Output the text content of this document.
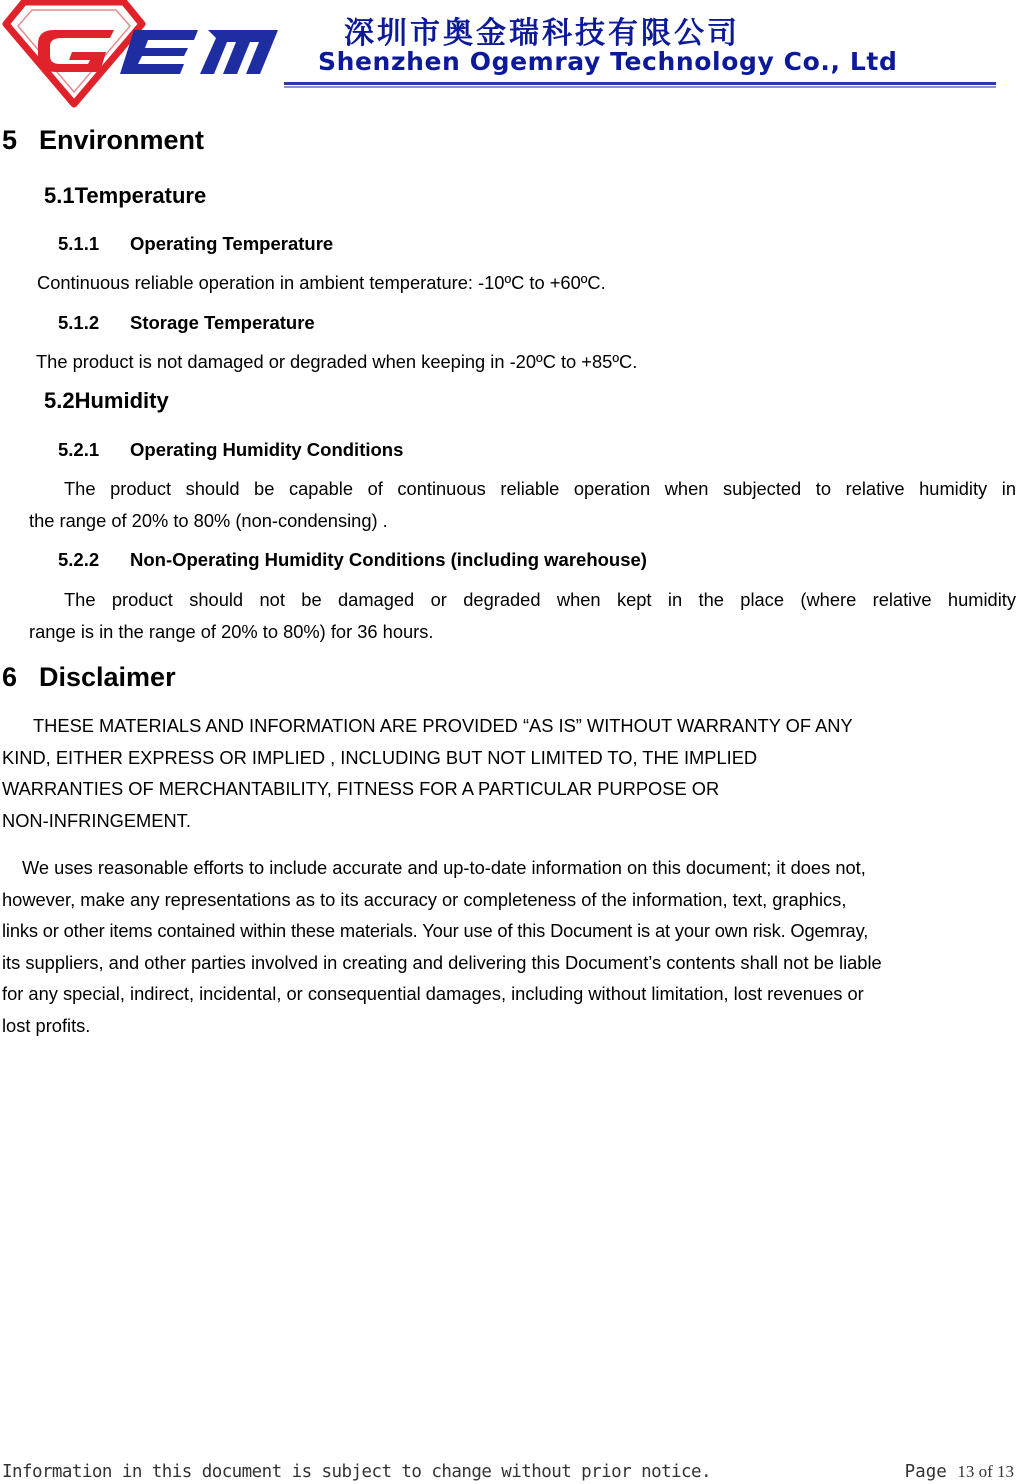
深圳市奥金瑞科技有限公司
Shenzhen Ogemray Technology Co., Ltd
5 Environment
5.1Temperature
5.1.1 Operating Temperature

Continuous reliable operation in ambient temperature: -10ºC to +60ºC.

5.1.2 Storage Temperature

The product is not damaged or degraded when keeping in -20ºC to +85ºC.

5.2Humidity
5.2.1 Operating Humidity Conditions
The product should be capable of continuous reliable operation when subjected to relative humidity in
the range of 20% to 80% (non-condensing) .
5.2.2 Non-Operating Humidity Conditions (including warehouse)
The product should not be damaged or degraded when kept in the place (where relative humidity
range is in the range of 20% to 80%) for 36 hours.
6 Disclaimer
THESE MATERIALS AND INFORMATION ARE PROVIDED “AS IS” WITHOUT WARRANTY OF ANY
KIND, EITHER EXPRESS OR IMPLIED , INCLUDING BUT NOT LIMITED TO, THE IMPLIED
WARRANTIES OF MERCHANTABILITY, FITNESS FOR A PARTICULAR PURPOSE OR
NON-INFRINGEMENT.
We uses reasonable efforts to include accurate and up-to-date information on this document; it does not,
however, make any representations as to its accuracy or completeness of the information, text, graphics,
links or other items contained within these materials. Your use of this Document is at your own risk. Ogemray,
its suppliers, and other parties involved in creating and delivering this Document’s contents shall not be liable
for any special, indirect, incidental, or consequential damages, including without limitation, lost revenues or
lost profits.
Information in this document is subject to change without prior notice.	Page 13 of 13
